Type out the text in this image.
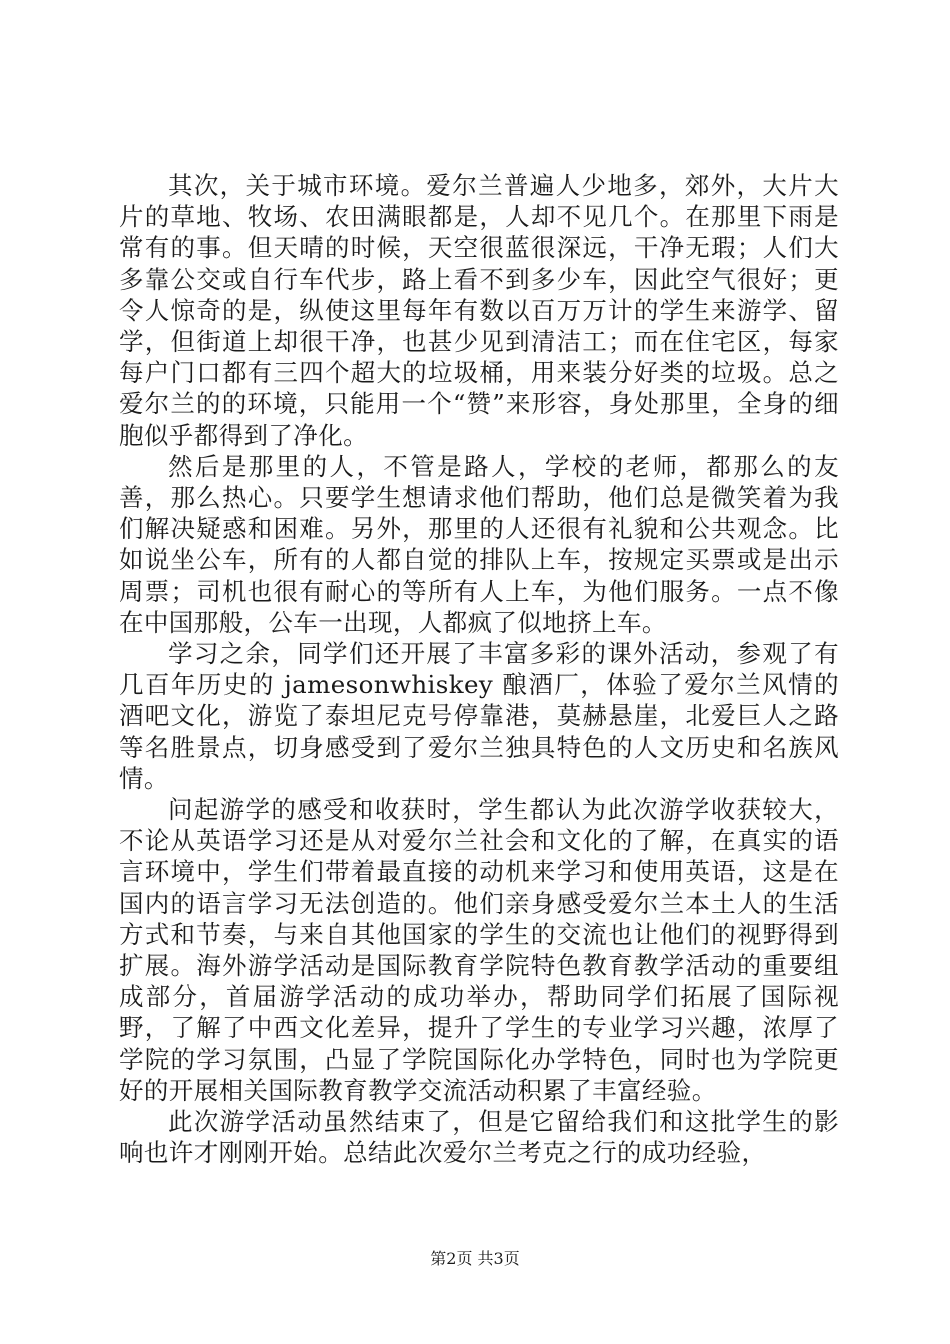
其次，关于城市环境。爱尔兰普遍人少地多，郊外，大片大片的草地、牧场、农田满眼都是，人却不见几个。在那里下雨是常有的事。但天晴的时候，天空很蓝很深远，干净无瑕；人们大多靠公交或自行车代步，路上看不到多少车，因此空气很好；更令人惊奇的是，纵使这里每年有数以百万万计的学生来游学、留学，但街道上却很干净，也甚少见到清洁工；而在住宅区，每家每户门口都有三四个超大的垃圾桶，用来装分好类的垃圾。总之爱尔兰的的环境，只能用一个“赞”来形容，身处那里，全身的细胞似乎都得到了净化。

然后是那里的人，不管是路人，学校的老师，都那么的友善，那么热心。只要学生想请求他们帮助，他们总是微笑着为我们解决疑惑和困难。另外，那里的人还很有礼貌和公共观念。比如说坐公车，所有的人都自觉的排队上车，按规定买票或是出示周票；司机也很有耐心的等所有人上车，为他们服务。一点不像在中国那般，公车一出现，人都疯了似地挤上车。

学习之余，同学们还开展了丰富多彩的课外活动，参观了有几百年历史的 jamesonwhiskey 酿酒厂，体验了爱尔兰风情的酒吧文化，游览了泰坦尼克号停靠港，莫赫悬崖，北爱巨人之路等名胜景点，切身感受到了爱尔兰独具特色的人文历史和名族风情。

问起游学的感受和收获时，学生都认为此次游学收获较大，不论从英语学习还是从对爱尔兰社会和文化的了解，在真实的语言环境中，学生们带着最直接的动机来学习和使用英语，这是在国内的语言学习无法创造的。他们亲身感受爱尔兰本土人的生活方式和节奏，与来自其他国家的学生的交流也让他们的视野得到扩展。海外游学活动是国际教育学院特色教育教学活动的重要组成部分，首届游学活动的成功举办，帮助同学们拓展了国际视野，了解了中西文化差异，提升了学生的专业学习兴趣，浓厚了学院的学习氛围，凸显了学院国际化办学特色，同时也为学院更好的开展相关国际教育教学交流活动积累了丰富经验。

此次游学活动虽然结束了，但是它留给我们和这批学生的影响也许才刚刚开始。总结此次爱尔兰考克之行的成功经验，

第2页 共3页
